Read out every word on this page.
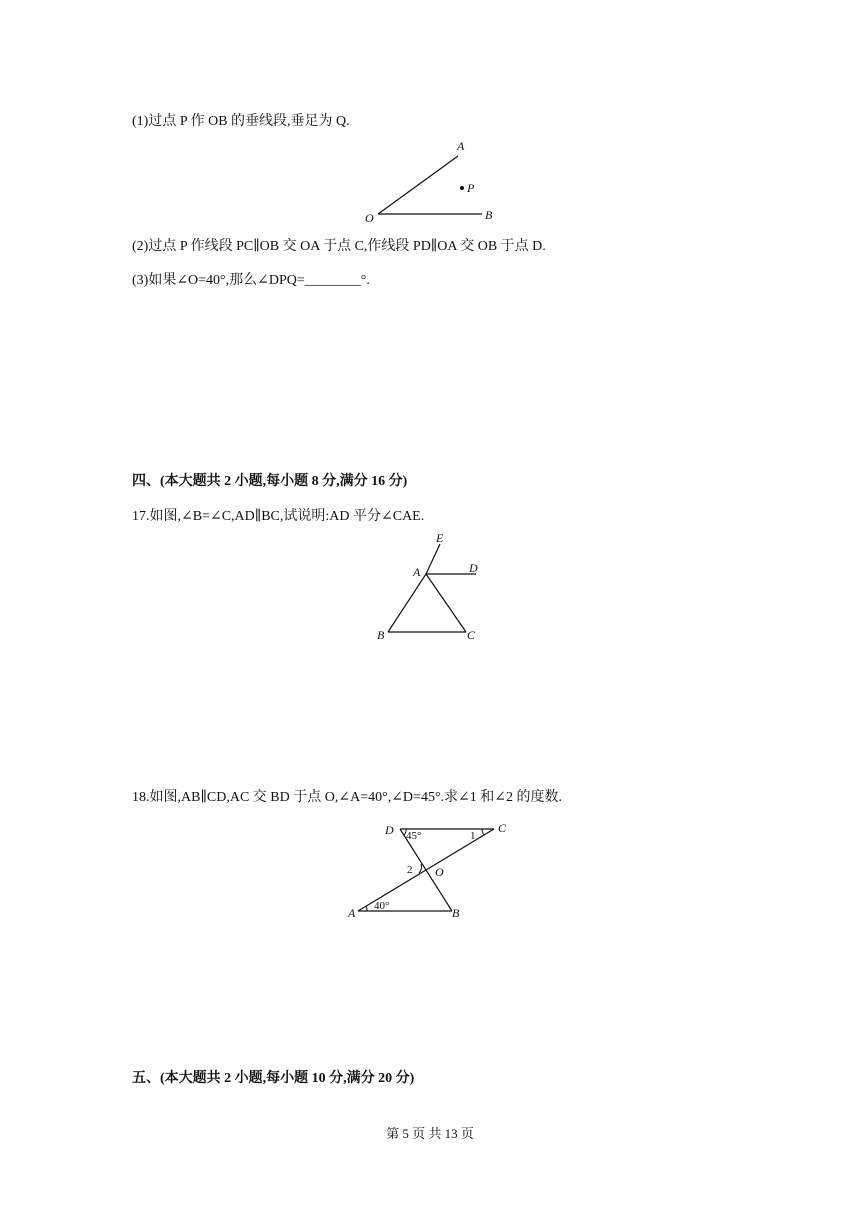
(1)过点 P 作 OB 的垂线段,垂足为 Q.
A
P
O	B
(2)过点 P 作线段 PC∥OB 交 OA 于点 C,作线段 PD∥OA 交 OB 于点 D.
(3)如果∠O=40°,那么∠DPQ=________°.
四、(本大题共 2 小题,每小题 8 分,满分 16 分)
17.如图,∠B=∠C,AD∥BC,试说明:AD 平分∠CAE.
E
A	D
B	C
18.如图,AB∥CD,AC 交 BD 于点 O,∠A=40°,∠D=45°.求∠1 和∠2 的度数.
D	C
O
A	B
45°
40°
1
2
五、(本大题共 2 小题,每小题 10 分,满分 20 分)
第 5 页 共 13 页
